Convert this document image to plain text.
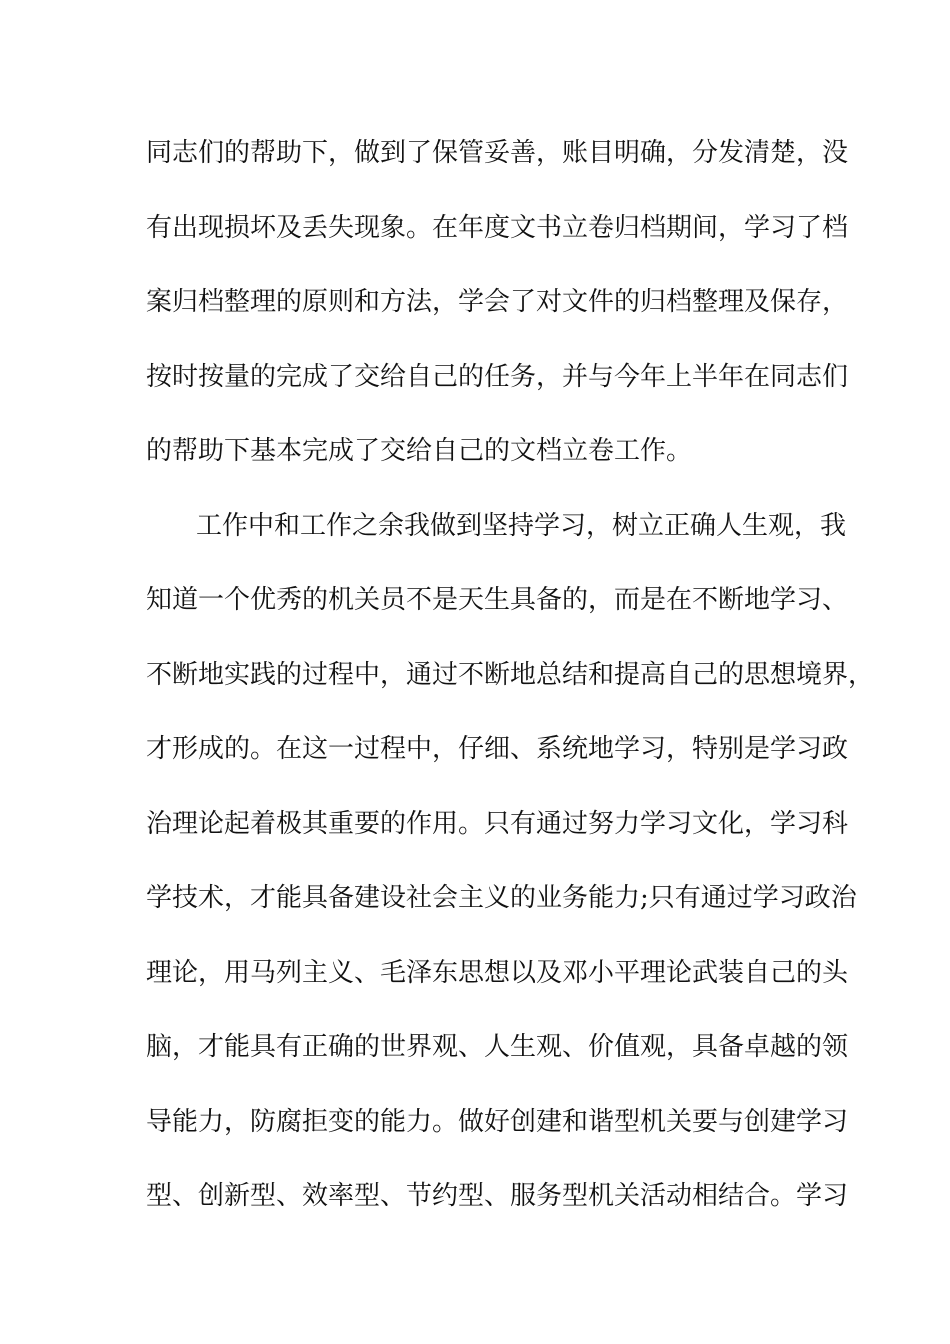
同志们的帮助下，做到了保管妥善，账目明确，分发清楚，没
有出现损坏及丢失现象。在年度文书立卷归档期间，学习了档
案归档整理的原则和方法，学会了对文件的归档整理及保存，
按时按量的完成了交给自己的任务，并与今年上半年在同志们
的帮助下基本完成了交给自己的文档立卷工作。
工作中和工作之余我做到坚持学习，树立正确人生观，我
知道一个优秀的机关员不是天生具备的，而是在不断地学习、
不断地实践的过程中，通过不断地总结和提高自己的思想境界，
才形成的。在这一过程中，仔细、系统地学习，特别是学习政
治理论起着极其重要的作用。只有通过努力学习文化，学习科
学技术，才能具备建设社会主义的业务能力;只有通过学习政治
理论，用马列主义、毛泽东思想以及邓小平理论武装自己的头
脑，才能具有正确的世界观、人生观、价值观，具备卓越的领
导能力，防腐拒变的能力。做好创建和谐型机关要与创建学习
型、创新型、效率型、节约型、服务型机关活动相结合。学习
